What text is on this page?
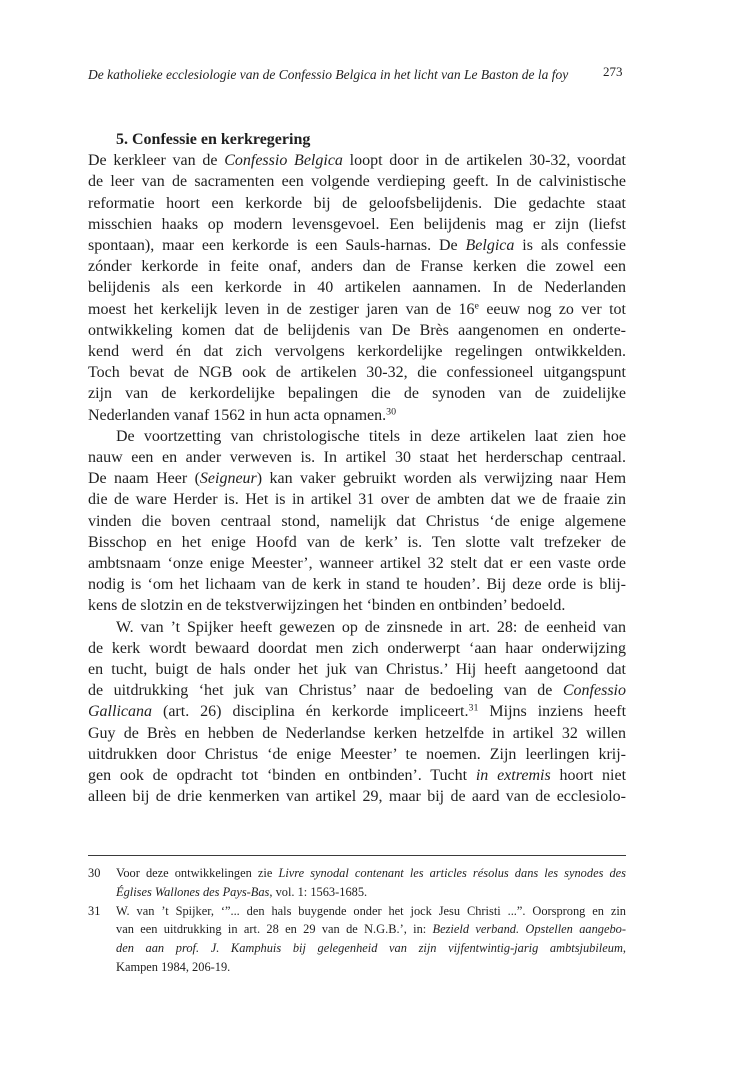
De katholieke ecclesiologie van de Confessio Belgica in het licht van Le Baston de la foy	273
5. Confessie en kerkregering
De kerkleer van de Confessio Belgica loopt door in de artikelen 30-32, voordat
de leer van de sacramenten een volgende verdieping geeft. In de calvinistische
reformatie hoort een kerkorde bij de geloofsbelijdenis. Die gedachte staat
misschien haaks op modern levensgevoel. Een belijdenis mag er zijn (liefst
spontaan), maar een kerkorde is een Sauls-harnas. De Belgica is als confessie
zónder kerkorde in feite onaf, anders dan de Franse kerken die zowel een
belijdenis als een kerkorde in 40 artikelen aannamen. In de Nederlanden
moest het kerkelijk leven in de zestiger jaren van de 16e eeuw nog zo ver tot
ontwikkeling komen dat de belijdenis van De Brès aangenomen en onderte-
kend werd én dat zich vervolgens kerkordelijke regelingen ontwikkelden.
Toch bevat de NGB ook de artikelen 30-32, die confessioneel uitgangspunt
zijn van de kerkordelijke bepalingen die de synoden van de zuidelijke
Nederlanden vanaf 1562 in hun acta opnamen.$^{30}$
De voortzetting van christologische titels in deze artikelen laat zien hoe
nauw een en ander verweven is. In artikel 30 staat het herderschap centraal.
De naam Heer (Seigneur) kan vaker gebruikt worden als verwijzing naar Hem
die de ware Herder is. Het is in artikel 31 over de ambten dat we de fraaie zin
vinden die boven centraal stond, namelijk dat Christus ‘de enige algemene
Bisschop en het enige Hoofd van de kerk’ is. Ten slotte valt trefzeker de
ambtsnaam ‘onze enige Meester’, wanneer artikel 32 stelt dat er een vaste orde
nodig is ‘om het lichaam van de kerk in stand te houden’. Bij deze orde is blij-
kens de slotzin en de tekstverwijzingen het ‘binden en ontbinden’ bedoeld.
W. van ’t Spijker heeft gewezen op de zinsnede in art. 28: de eenheid van
de kerk wordt bewaard doordat men zich onderwerpt ‘aan haar onderwijzing
en tucht, buigt de hals onder het juk van Christus.’ Hij heeft aangetoond dat
de uitdrukking ‘het juk van Christus’ naar de bedoeling van de Confessio
Gallicana (art. 26) disciplina én kerkorde impliceert.$^{31}$ Mijns inziens heeft
Guy de Brès en hebben de Nederlandse kerken hetzelfde in artikel 32 willen
uitdrukken door Christus ‘de enige Meester’ te noemen. Zijn leerlingen krij-
gen ook de opdracht tot ‘binden en ontbinden’. Tucht in extremis hoort niet
alleen bij de drie kenmerken van artikel 29, maar bij de aard van de ecclesiolo-
30 Voor deze ontwikkelingen zie Livre synodal contenant les articles résolus dans les synodes des
Églises Wallones des Pays-Bas, vol. 1: 1563-1685.
31 W. van ’t Spijker, ‘”... den hals buygende onder het jock Jesu Christi ...”. Oorsprong en zin
van een uitdrukking in art. 28 en 29 van de N.G.B.’, in: Bezield verband. Opstellen aangebo-
den aan prof. J. Kamphuis bij gelegenheid van zijn vijfentwintig-jarig ambtsjubileum,
Kampen 1984, 206-19.
